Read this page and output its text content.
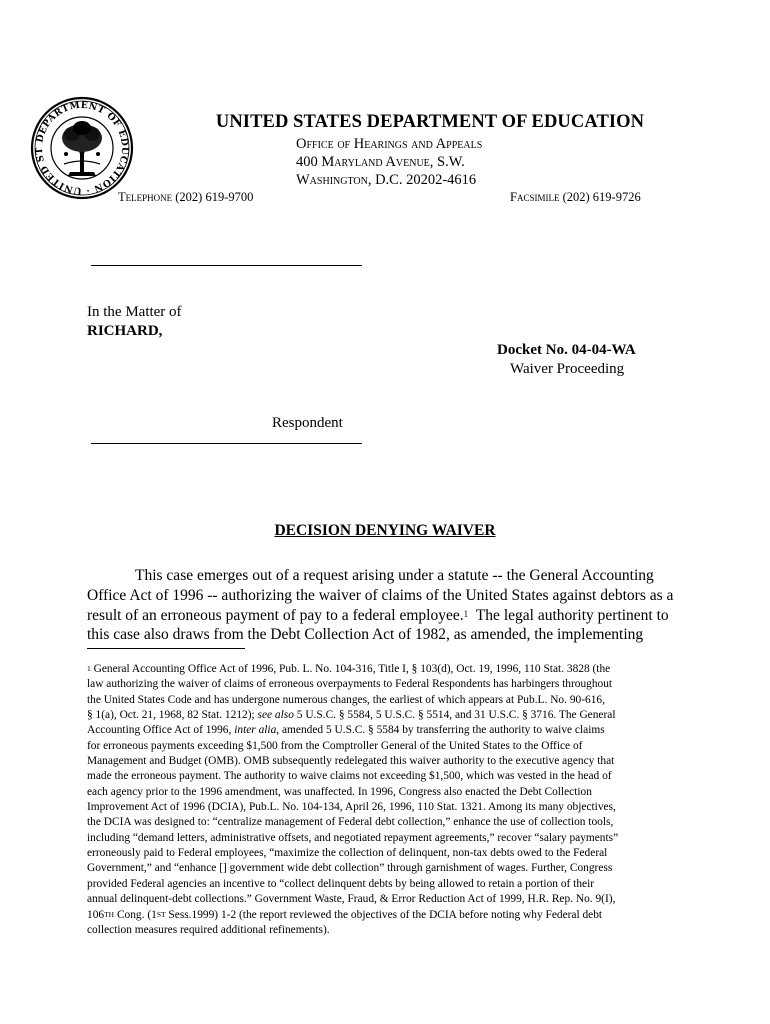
DEPARTMENT OF EDUCATION · UNITED ST
UNITED STATES DEPARTMENT OF EDUCATION
Office of Hearings and Appeals
400 Maryland Avenue, S.W.
Washington, D.C. 20202-4616
Telephone (202) 619-9700	Facsimile (202) 619-9726
In the Matter of
RICHARD,
Docket No. 04-04-WA
Waiver Proceeding
Respondent
DECISION DENYING WAIVER

This case emerges out of a request arising under a statute -- the General Accounting

Office Act of 1996 -- authorizing the waiver of claims of the United States against debtors as a

result of an erroneous payment of pay to a federal employee.$^1$ The legal authority pertinent to

this case also draws from the Debt Collection Act of 1982, as amended, the implementing

$^1$ General Accounting Office Act of 1996, Pub. L. No. 104-316, Title I, § 103(d), Oct. 19, 1996, 110 Stat. 3828 (the

law authorizing the waiver of claims of erroneous overpayments to Federal Respondents has harbingers throughout

the United States Code and has undergone numerous changes, the earliest of which appears at Pub.L. No. 90-616,

§ 1(a), Oct. 21, 1968, 82 Stat. 1212); see also 5 U.S.C. § 5584, 5 U.S.C. § 5514, and 31 U.S.C. § 3716. The General

Accounting Office Act of 1996, inter alia, amended 5 U.S.C. § 5584 by transferring the authority to waive claims

for erroneous payments exceeding $1,500 from the Comptroller General of the United States to the Office of

Management and Budget (OMB). OMB subsequently redelegated this waiver authority to the executive agency that

made the erroneous payment. The authority to waive claims not exceeding $1,500, which was vested in the head of

each agency prior to the 1996 amendment, was unaffected. In 1996, Congress also enacted the Debt Collection

Improvement Act of 1996 (DCIA), Pub.L. No. 104-134, April 26, 1996, 110 Stat. 1321. Among its many objectives,

the DCIA was designed to: “centralize management of Federal debt collection,” enhance the use of collection tools,

including “demand letters, administrative offsets, and negotiated repayment agreements,” recover “salary payments”

erroneously paid to Federal employees, “maximize the collection of delinquent, non-tax debts owed to the Federal

Government,” and “enhance [] government wide debt collection” through garnishment of wages. Further, Congress

provided Federal agencies an incentive to “collect delinquent debts by being allowed to retain a portion of their

annual delinquent-debt collections.” Government Waste, Fraud, & Error Reduction Act of 1999, H.R. Rep. No. 9(I),

106TH Cong. (1ST Sess.1999) 1-2 (the report reviewed the objectives of the DCIA before noting why Federal debt

collection measures required additional refinements).
